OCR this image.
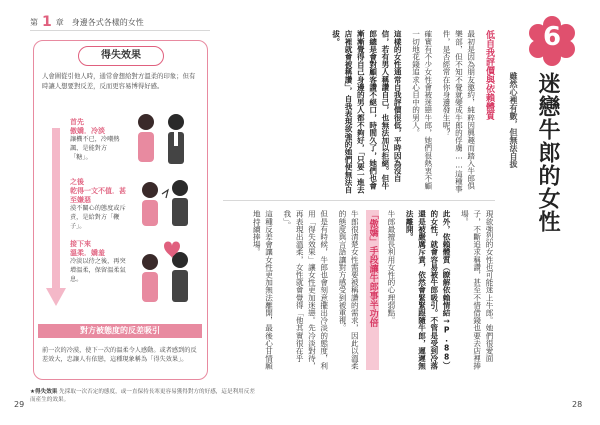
第 1 章 身邊各式各樣的女性
得失效果
人會圍從引他人時，通常會想給對方溫柔的印象；但有時讓人想要對反差，反而更容易博得好感。
首先
傲嬌．冷淡
讓機不已，冷嘲熱諷、是能對方「糖」。
之後
乾得一文不值．甚至嫌惡
漠不關心的態度或斥責，是給對方「鞭子」。
接下來
溫柔．嬌羞
冷淡以待之後，再突增溫柔，保留溫柔氣息。
對方被態度的反差吸引
前一次的冷漠，使下一次的溫柔令人感動。或者感到的反差效大，忠讓人有依戀，這種現象稱為「得失效果」。
★得失效果 先採取一次否定的態度，或一直保持長寒更容易獲得對方的好感，這是利用反差而產生的效果。
29	28
6
迷戀牛郎的女性
雖然心裡有數，但無法自拔
低自我評價與依賴體質

最初是因為朋友邀約，純粹因興趣而踏入牛郎俱樂部，但不知不覺就變成牛郎的俘虜……這種事件，是否經常在你身邊發生呢？

確實有不少女性會被迷戀牛郎，她們很熱衷不顧一切地花錢追求心目中的男人。

這樣的女性通常自我評價很低，平時因為沒自信，若有男人稱讚自己，也無法加以拒絕。但牛郎總是會對顧客讚不絕口，時間久了，她們也會漸漸覺得自己身邊的男人都不夠好，「只要一進去店裡就會被稱讚」，自我表現欲強的她們便無法自拔。

現欲強烈的女性也可能迷上牛郎。她們很愛面子，不斷追求稱讚，甚至不惜借錢也要去店裡捧場。

此外，依賴體質（瞭解依賴情結→P.88）的女性，就會容易被牛郎吸引。不管是受到冷落還是被嚴厲斥責，依然會緊緊跟隨牛郎，遲遲無法離開。

牛郎最擅長利用女性的心理弱點。

「傲嬌」手段讓牛郎事半功倍

牛郎很清楚女性需要被稱讚的需求，因此以溫柔的態度與言語讓對方感受到被重視。

但是有時候，牛郎也會刻意擺出冷淡的態度，利用「得失效果」讓女性更加迷戀。先冷淡對待，再表現出溫柔，女性就會覺得「他其實很在乎我」。

這種反差會讓女性更加無法離開，最後心甘情願地持續捧場。
